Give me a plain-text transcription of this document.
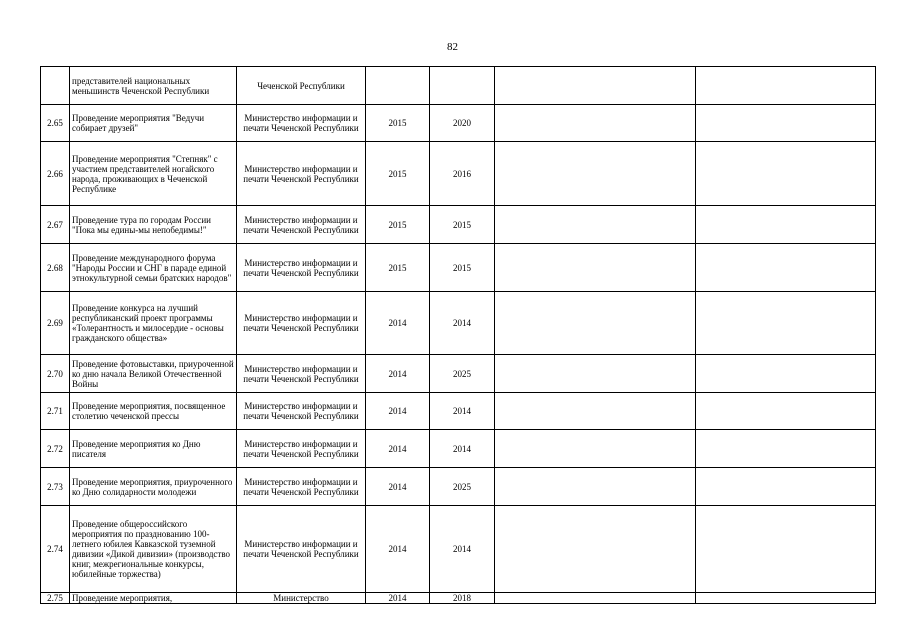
82
	представителей национальных меньшинств Чеченской Республики	Чеченской Республики				
2.65	Проведение мероприятия "Ведучи собирает друзей"	Министерство информации и печати Чеченской Республики	2015	2020		
2.66	Проведение мероприятия "Степняк" с участием представителей ногайского народа, проживающих в Чеченской Республике	Министерство информации и печати Чеченской Республики	2015	2016		
2.67	Проведение тура по городам России "Пока мы едины-мы непобедимы!"	Министерство информации и печати Чеченской Республики	2015	2015		
2.68	Проведение международного форума "Народы России и СНГ в параде единой этнокультурной семьи братских народов"	Министерство информации и печати Чеченской Республики	2015	2015		
2.69	Проведение конкурса на лучший республиканский проект программы «Толерантность и милосердие - основы гражданского общества»	Министерство информации и печати Чеченской Республики	2014	2014		
2.70	Проведение фотовыставки, приуроченной ко дню начала Великой Отечественной Войны	Министерство информации и печати Чеченской Республики	2014	2025		
2.71	Проведение мероприятия, посвященное столетию чеченской прессы	Министерство информации и печати Чеченской Республики	2014	2014		
2.72	Проведение мероприятия ко Дню писателя	Министерство информации и печати Чеченской Республики	2014	2014		
2.73	Проведение мероприятия, приуроченного ко Дню солидарности молодежи	Министерство информации и печати Чеченской Республики	2014	2025		
2.74	Проведение общероссийского мероприятия по празднованию 100-летнего юбилея Кавказской туземной дивизии «Дикой дивизии» (производство книг, межрегиональные конкурсы, юбилейные торжества)	Министерство информации и печати Чеченской Республики	2014	2014		
2.75	Проведение мероприятия,	Министерство	2014	2018		
